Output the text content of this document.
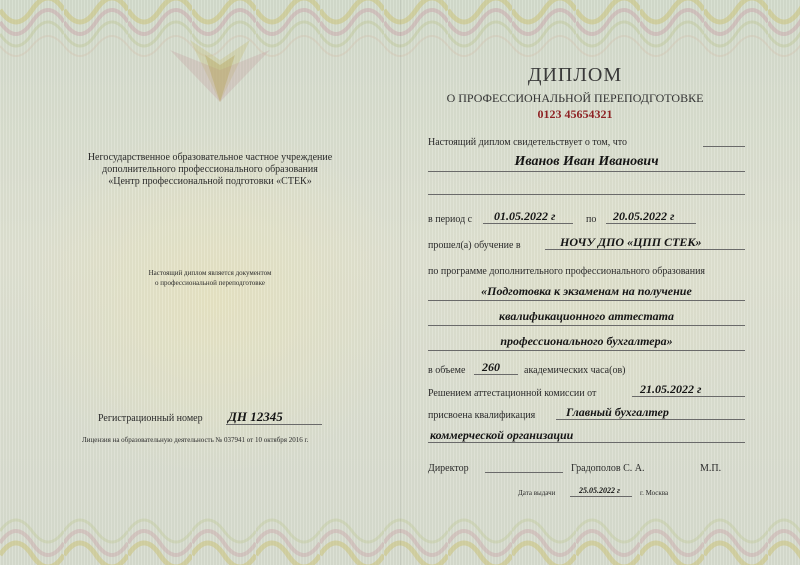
Негосударственное образовательное частное учреждение
дополнительного профессионального образования
«Центр профессиональной подготовки «СТЕК»
Настоящий диплом является документом
о профессиональной переподготовке
Регистрационный номер ДН 12345
Лицензия на образовательную деятельность № 037941 от 10 октября 2016 г.
ДИПЛОМ
О ПРОФЕССИОНАЛЬНОЙ ПЕРЕПОДГОТОВКЕ
0123 45654321
Настоящий диплом свидетельствует о том, что
Иванов Иван Иванович
в период с 01.05.2022 г	по 20.05.2022 г
прошел(а) обучение в	НОЧУ ДПО «ЦПП СТЕК»
по программе дополнительного профессионального образования
«Подготовка к экзаменам на получение
квалификационного аттестата
профессионального бухгалтера»
в объеме 260 академических часа(ов)
Решением аттестационной комиссии от	21.05.2022 г
присвоена квалификация	Главный бухгалтер
коммерческой организации
Директор	Градополов С. А.	М.П.
Дата выдачи	25.05.2022 г	г. Москва
